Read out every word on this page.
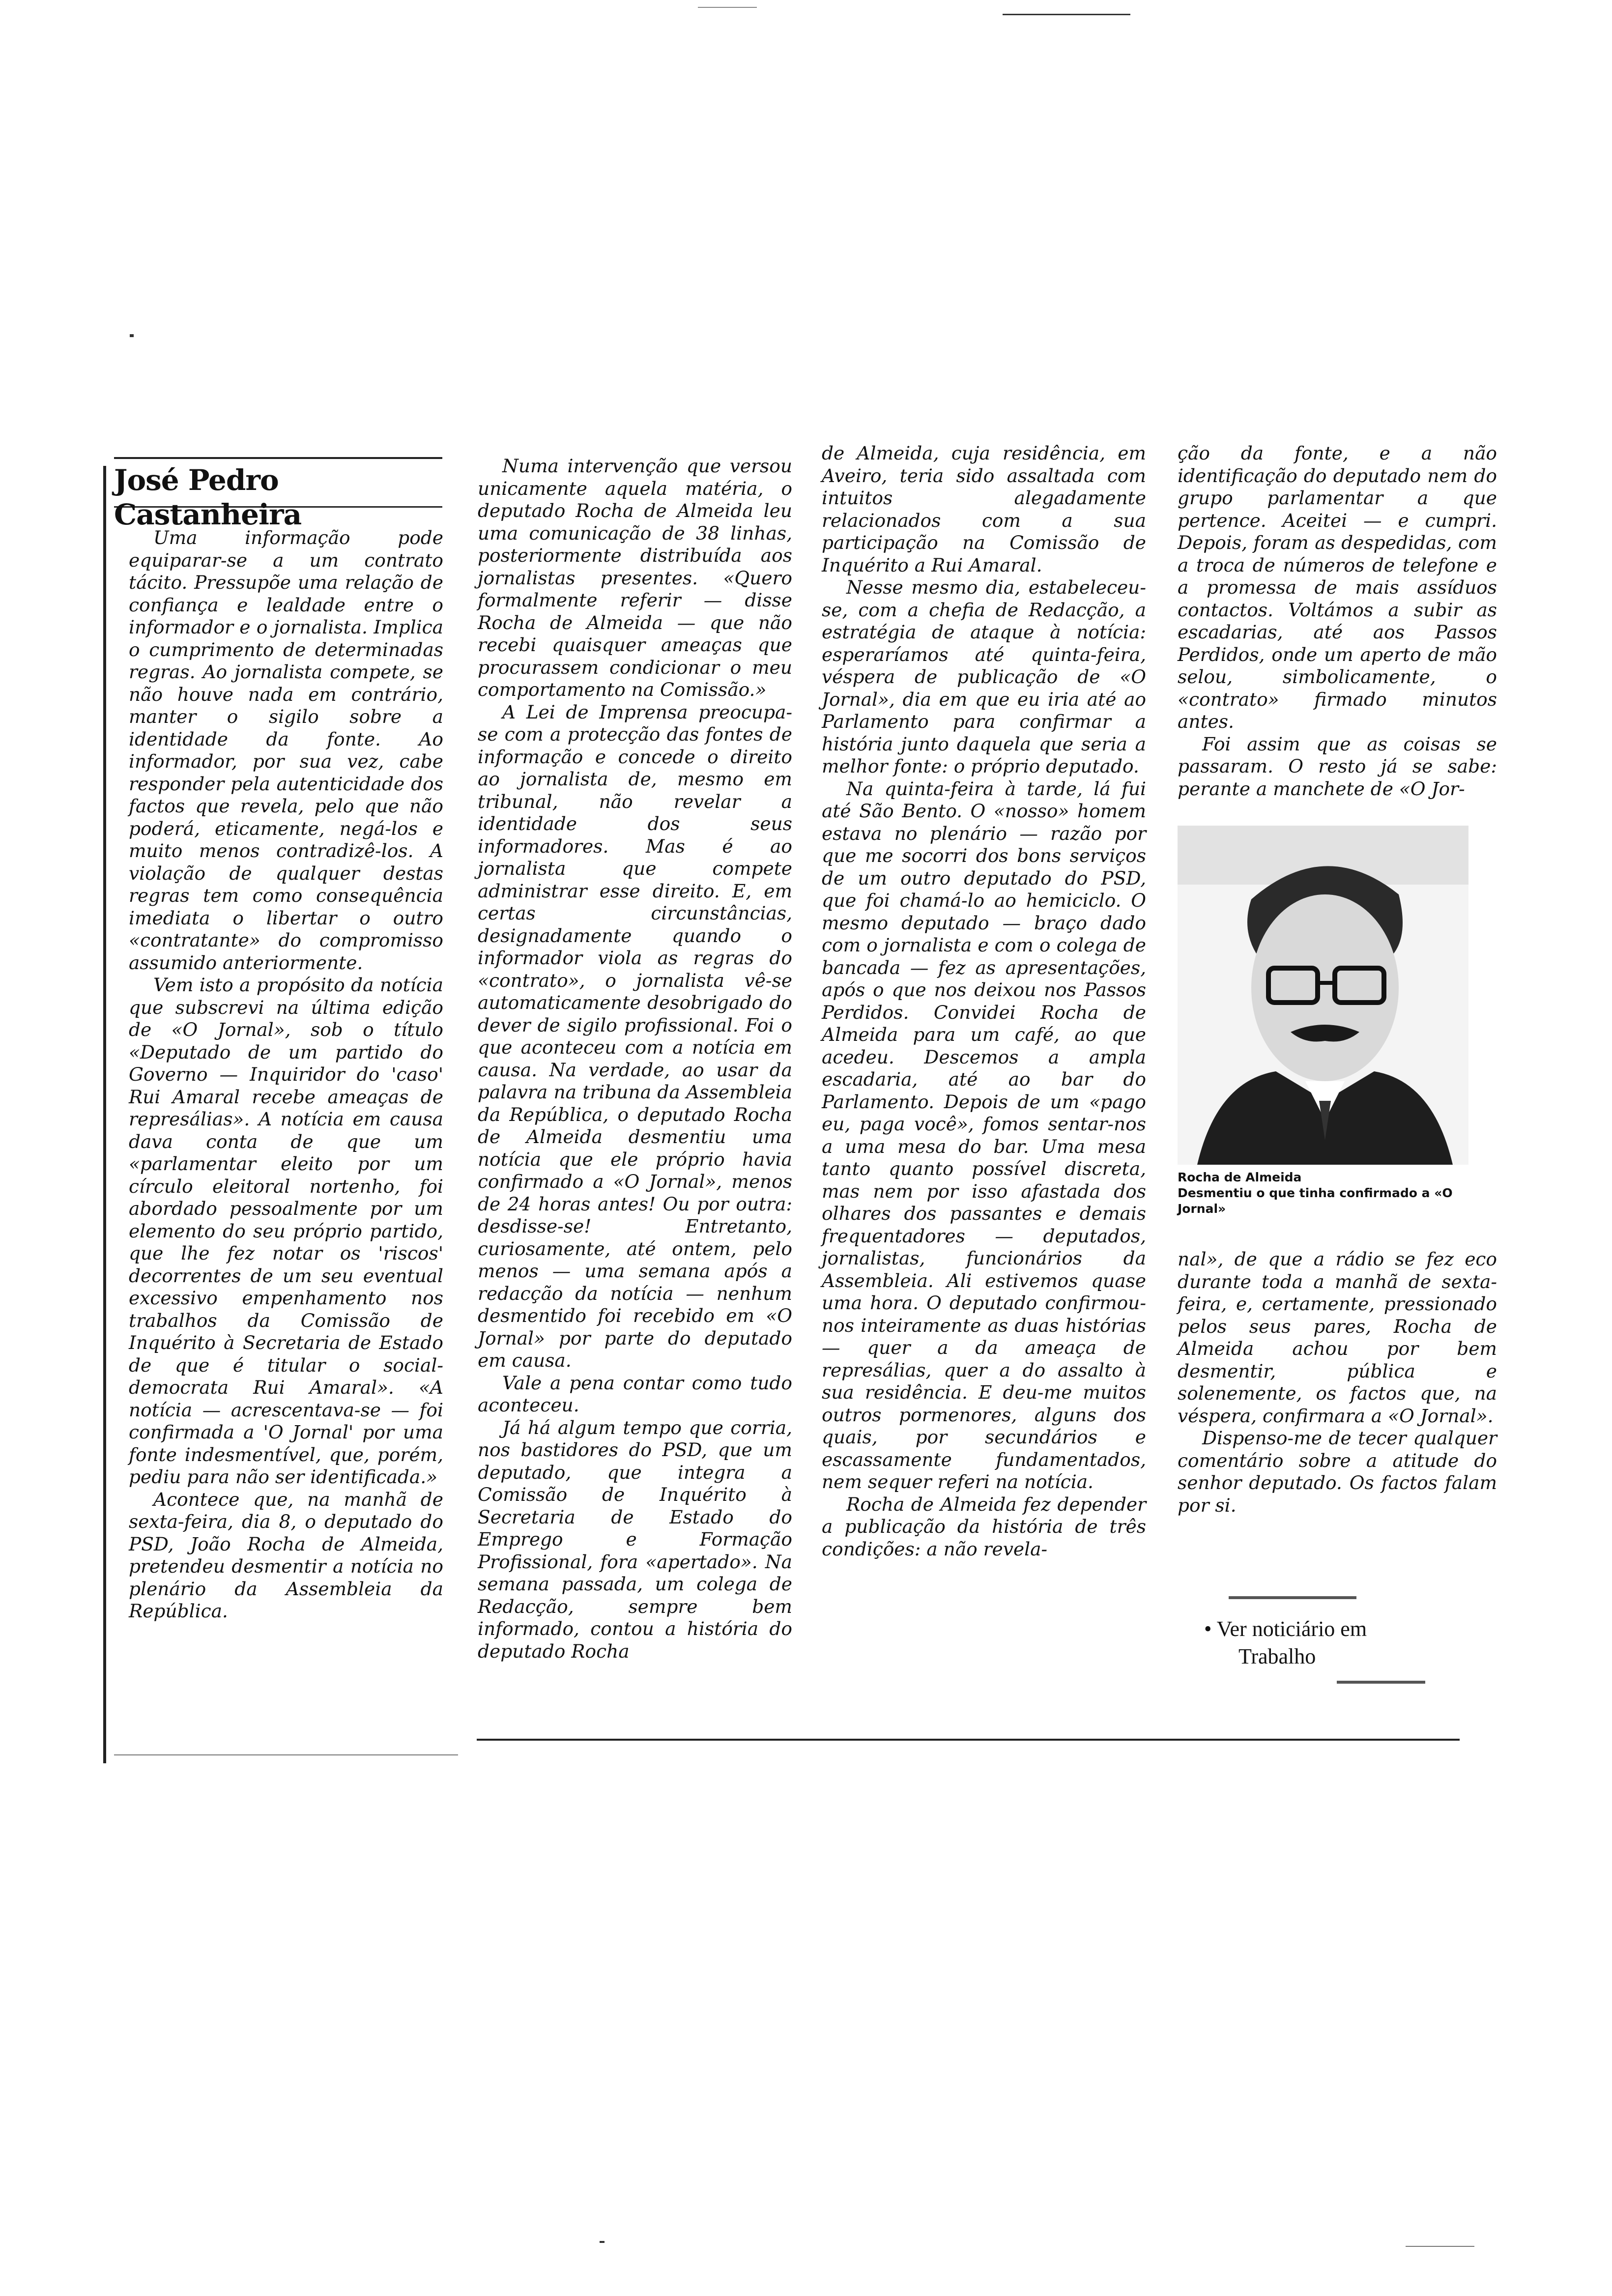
José Pedro Castanheira

Uma informação pode equiparar-se a um contrato tácito. Pressupõe uma relação de confiança e lealdade entre o informador e o jornalista. Implica o cumprimento de determinadas regras. Ao jornalista compete, se não houve nada em contrário, manter o sigilo sobre a identidade da fonte. Ao informador, por sua vez, cabe responder pela autenticidade dos factos que revela, pelo que não poderá, eticamente, negá-los e muito menos contradizê-los. A violação de qualquer destas regras tem como consequência imediata o libertar o outro «contratante» do compromisso assumido anteriormente.

Vem isto a propósito da notícia que subscrevi na última edição de «O Jornal», sob o título «Deputado de um partido do Governo — Inquiridor do 'caso' Rui Amaral recebe ameaças de represálias». A notícia em causa dava conta de que um «parlamentar eleito por um círculo eleitoral nortenho, foi abordado pessoalmente por um elemento do seu próprio partido, que lhe fez notar os 'riscos' decorrentes de um seu eventual excessivo empenhamento nos trabalhos da Comissão de Inquérito à Secretaria de Estado de que é titular o social-democrata Rui Amaral». «A notícia — acrescentava-se — foi confirmada a 'O Jornal' por uma fonte indesmentível, que, porém, pediu para não ser identificada.»

Acontece que, na manhã de sexta-feira, dia 8, o deputado do PSD, João Rocha de Almeida, pretendeu desmentir a notícia no plenário da Assembleia da República.

Numa intervenção que versou unicamente aquela matéria, o deputado Rocha de Almeida leu uma comunicação de 38 linhas, posteriormente distribuída aos jornalistas presentes. «Quero formalmente referir — disse Rocha de Almeida — que não recebi quaisquer ameaças que procurassem condicionar o meu comportamento na Comissão.»

A Lei de Imprensa preocupa-se com a protecção das fontes de informação e concede o direito ao jornalista de, mesmo em tribunal, não revelar a identidade dos seus informadores. Mas é ao jornalista que compete administrar esse direito. E, em certas circunstâncias, designadamente quando o informador viola as regras do «contrato», o jornalista vê-se automaticamente desobrigado do dever de sigilo profissional. Foi o que aconteceu com a notícia em causa. Na verdade, ao usar da palavra na tribuna da Assembleia da República, o deputado Rocha de Almeida desmentiu uma notícia que ele próprio havia confirmado a «O Jornal», menos de 24 horas antes! Ou por outra: desdisse-se! Entretanto, curiosamente, até ontem, pelo menos — uma semana após a redacção da notícia — nenhum desmentido foi recebido em «O Jornal» por parte do deputado em causa.

Vale a pena contar como tudo aconteceu.

Já há algum tempo que corria, nos bastidores do PSD, que um deputado, que integra a Comissão de Inquérito à Secretaria de Estado do Emprego e Formação Profissional, fora «apertado». Na semana passada, um colega de Redacção, sempre bem informado, contou a história do deputado Rocha

de Almeida, cuja residência, em Aveiro, teria sido assaltada com intuitos alegadamente relacionados com a sua participação na Comissão de Inquérito a Rui Amaral.

Nesse mesmo dia, estabeleceu-se, com a chefia de Redacção, a estratégia de ataque à notícia: esperaríamos até quinta-feira, véspera de publicação de «O Jornal», dia em que eu iria até ao Parlamento para confirmar a história junto daquela que seria a melhor fonte: o próprio deputado.

Na quinta-feira à tarde, lá fui até São Bento. O «nosso» homem estava no plenário — razão por que me socorri dos bons serviços de um outro deputado do PSD, que foi chamá-lo ao hemiciclo. O mesmo deputado — braço dado com o jornalista e com o colega de bancada — fez as apresentações, após o que nos deixou nos Passos Perdidos. Convidei Rocha de Almeida para um café, ao que acedeu. Descemos a ampla escadaria, até ao bar do Parlamento. Depois de um «pago eu, paga você», fomos sentar-nos a uma mesa do bar. Uma mesa tanto quanto possível discreta, mas nem por isso afastada dos olhares dos passantes e demais frequentadores — deputados, jornalistas, funcionários da Assembleia. Ali estivemos quase uma hora. O deputado confirmou-nos inteiramente as duas histórias — quer a da ameaça de represálias, quer a do assalto à sua residência. E deu-me muitos outros pormenores, alguns dos quais, por secundários e escassamente fundamentados, nem sequer referi na notícia.

Rocha de Almeida fez depender a publicação da história de três condições: a não revela-

ção da fonte, e a não identificação do deputado nem do grupo parlamentar a que pertence. Aceitei — e cumpri. Depois, foram as despedidas, com a troca de números de telefone e a promessa de mais assíduos contactos. Voltámos a subir as escadarias, até aos Passos Perdidos, onde um aperto de mão selou, simbolicamente, o «contrato» firmado minutos antes.

Foi assim que as coisas se passaram. O resto já se sabe: perante a manchete de «O Jor-

Rocha de Almeida
Desmentiu o que tinha confirmado a «O Jornal»

nal», de que a rádio se fez eco durante toda a manhã de sexta-feira, e, certamente, pressionado pelos seus pares, Rocha de Almeida achou por bem desmentir, pública e solenemente, os factos que, na véspera, confirmara a «O Jornal».

Dispenso-me de tecer qualquer comentário sobre a atitude do senhor deputado. Os factos falam por si.

• Ver noticiário em
Trabalho
